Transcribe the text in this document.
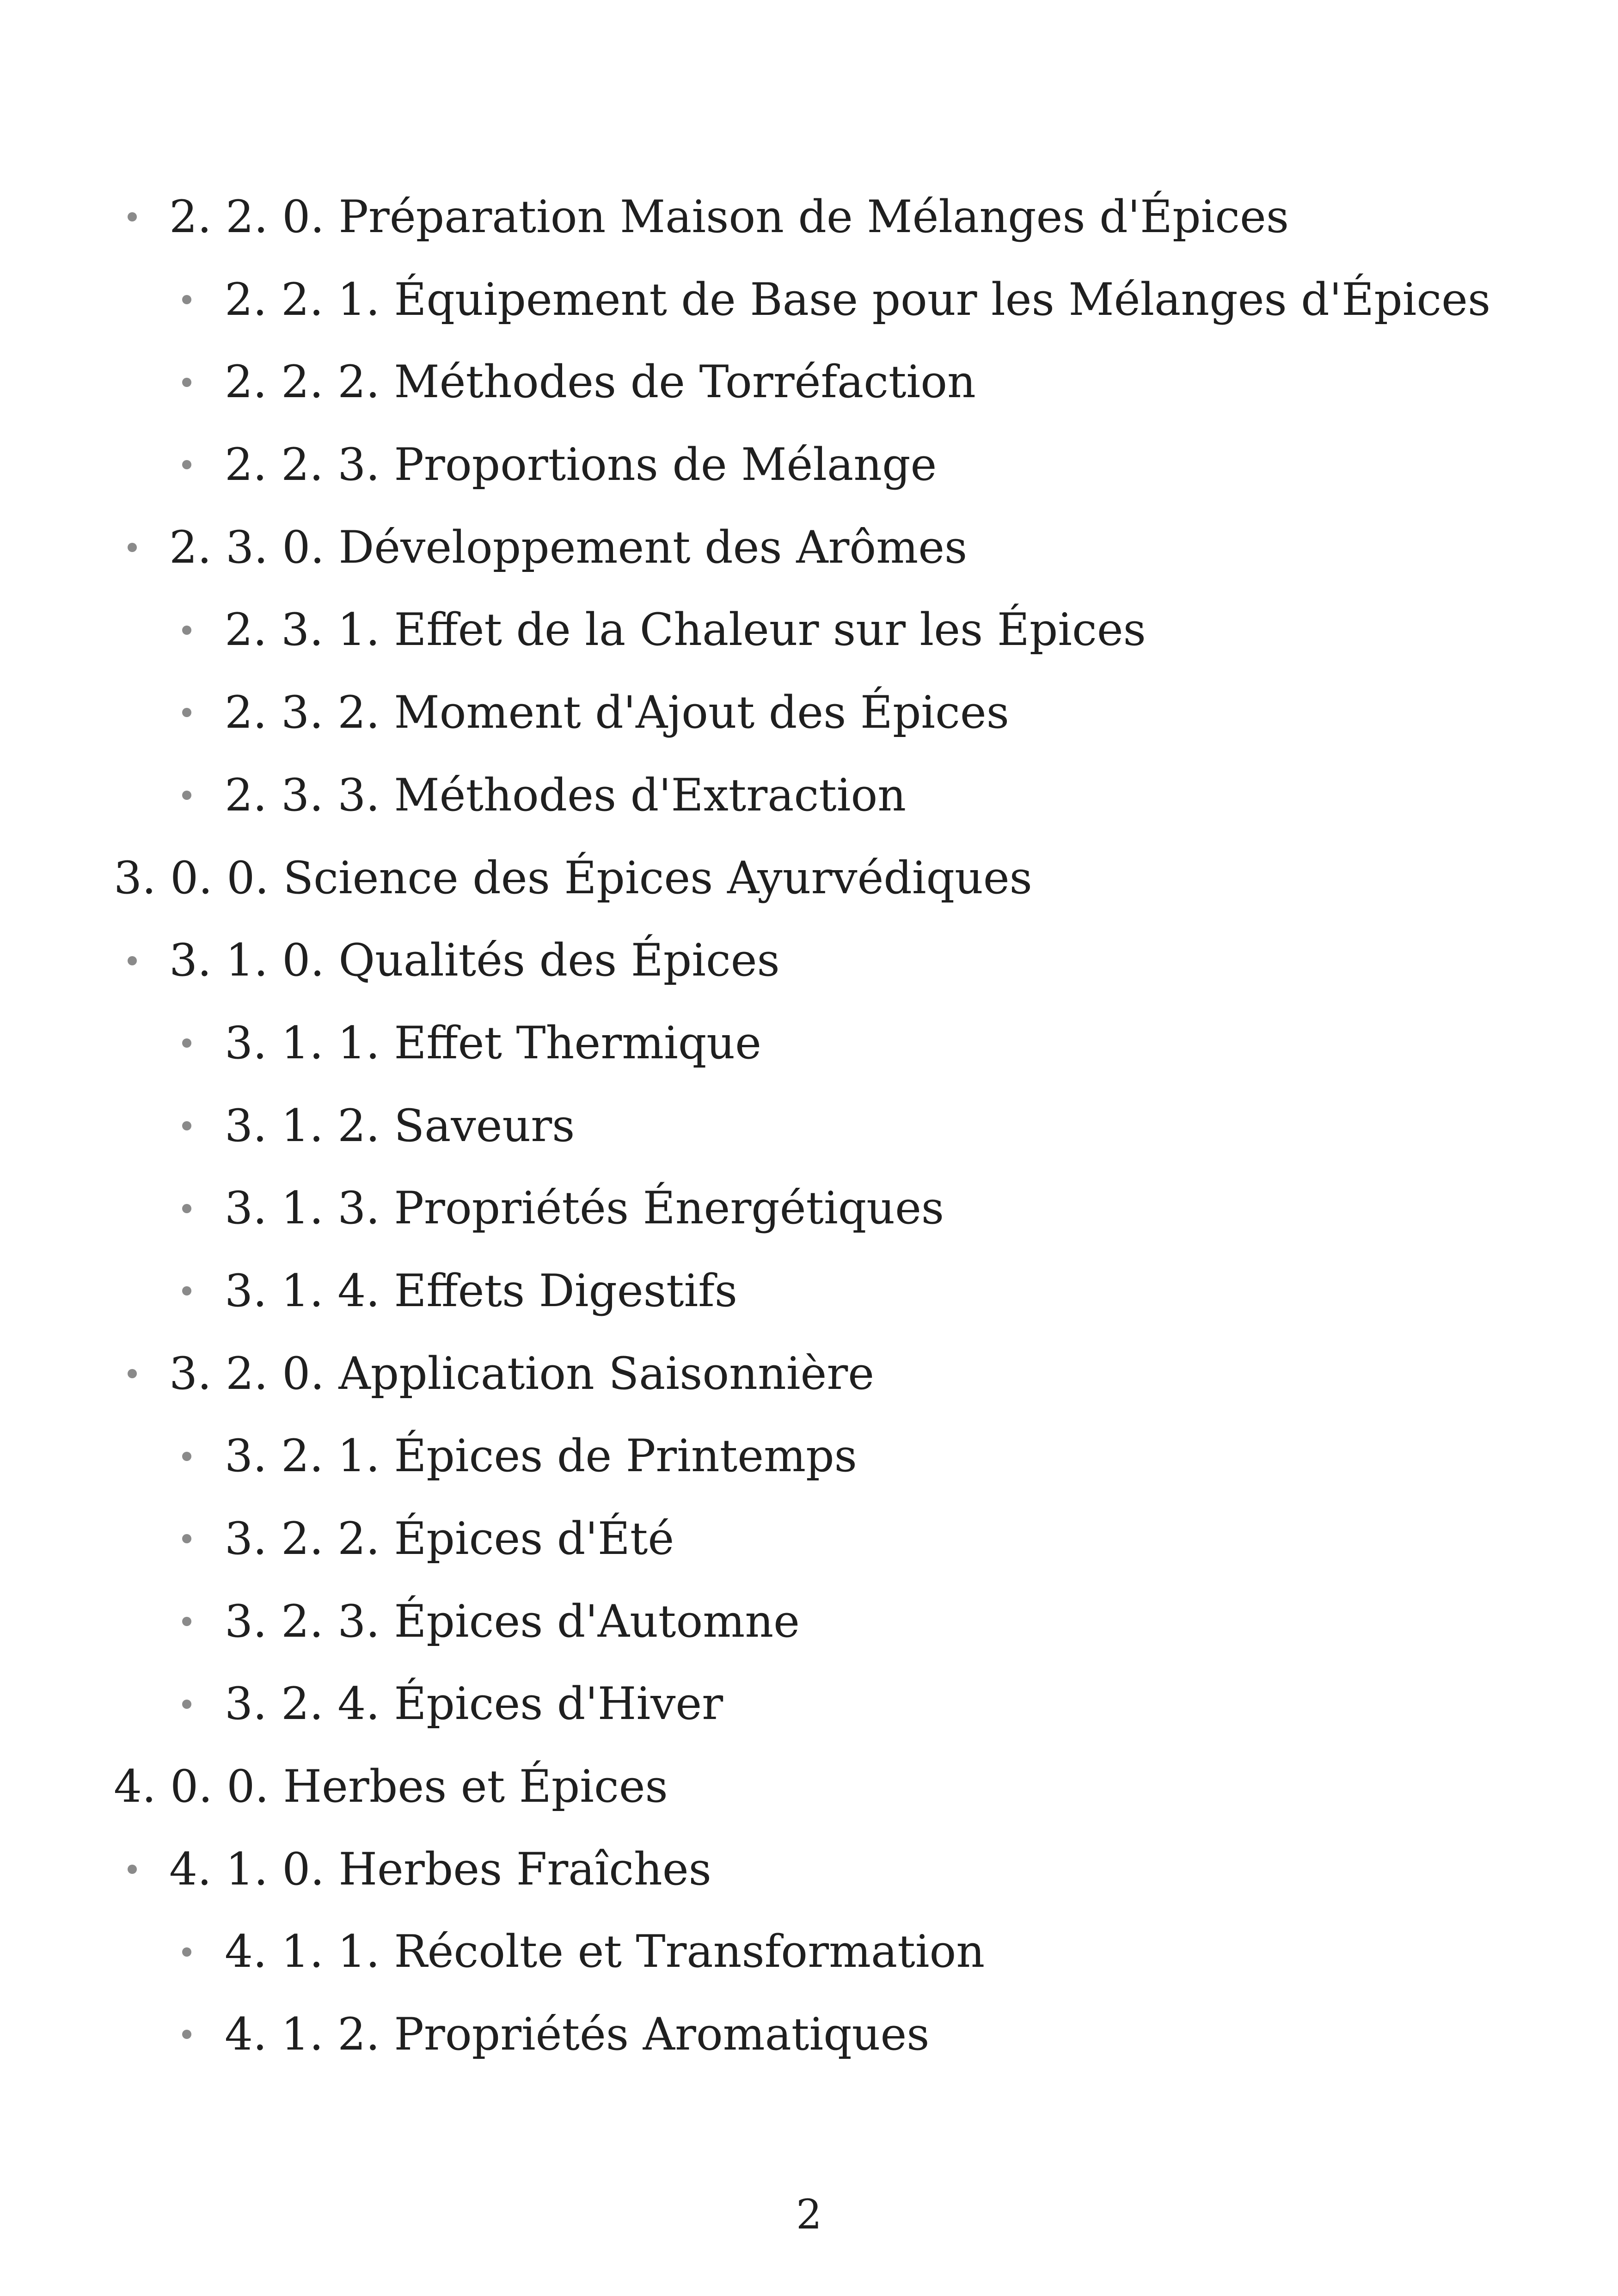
2. 2. 0. Préparation Maison de Mélanges d'Épices
2. 2. 1. Équipement de Base pour les Mélanges d'Épices
2. 2. 2. Méthodes de Torréfaction
2. 2. 3. Proportions de Mélange
2. 3. 0. Développement des Arômes
2. 3. 1. Effet de la Chaleur sur les Épices
2. 3. 2. Moment d'Ajout des Épices
2. 3. 3. Méthodes d'Extraction
3. 0. 0. Science des Épices Ayurvédiques
3. 1. 0. Qualités des Épices
3. 1. 1. Effet Thermique
3. 1. 2. Saveurs
3. 1. 3. Propriétés Énergétiques
3. 1. 4. Effets Digestifs
3. 2. 0. Application Saisonnière
3. 2. 1. Épices de Printemps
3. 2. 2. Épices d'Été
3. 2. 3. Épices d'Automne
3. 2. 4. Épices d'Hiver
4. 0. 0. Herbes et Épices
4. 1. 0. Herbes Fraîches
4. 1. 1. Récolte et Transformation
4. 1. 2. Propriétés Aromatiques
2
